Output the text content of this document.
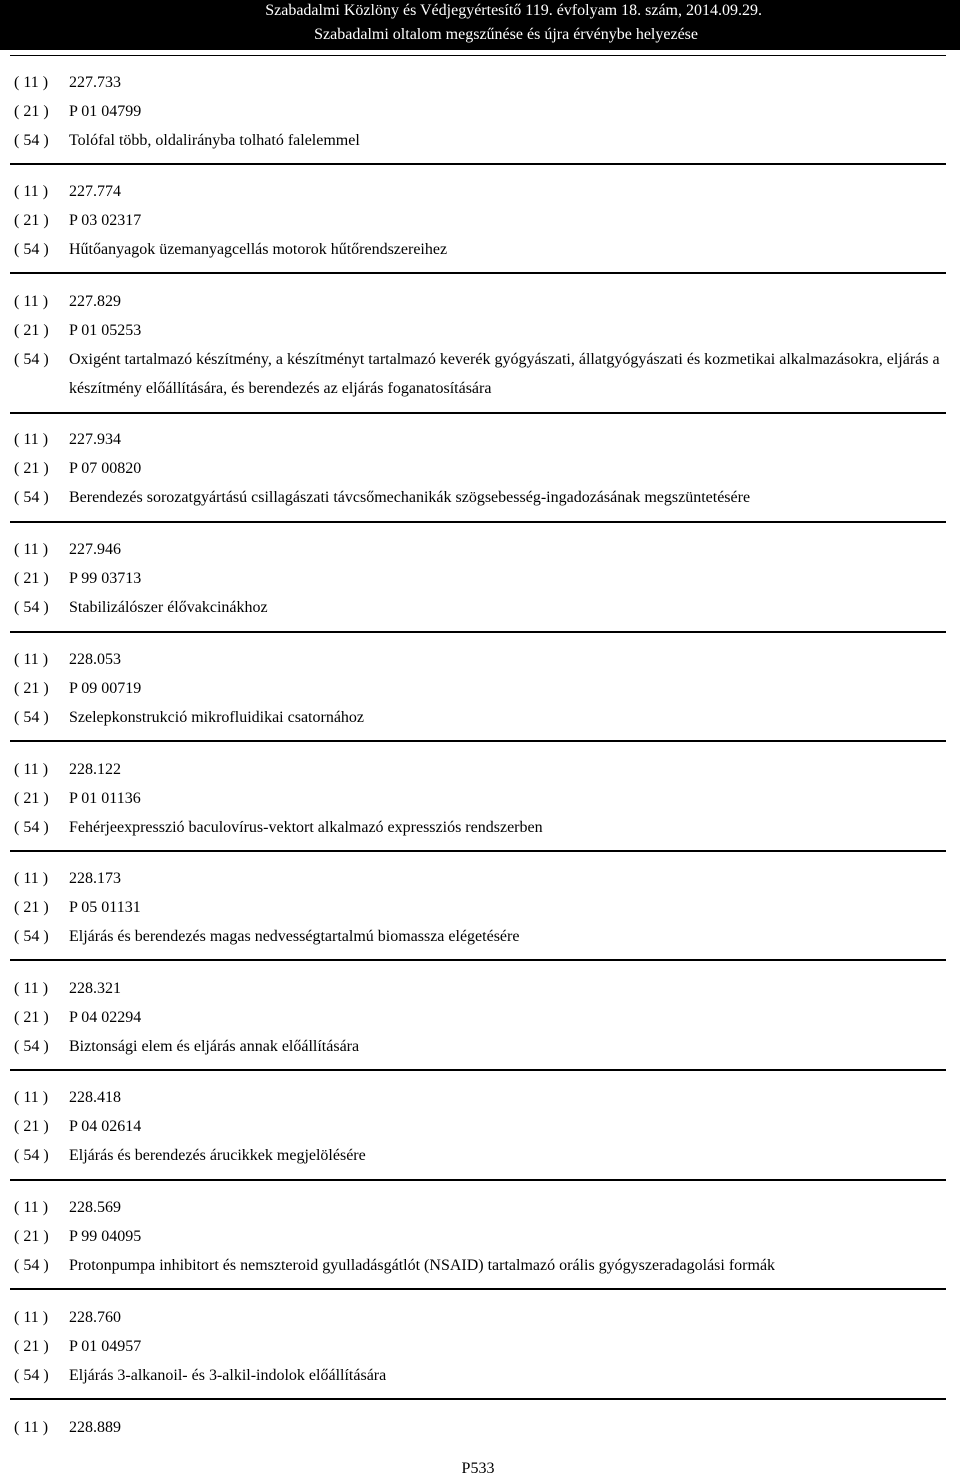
Szabadalmi Közlöny és Védjegyértesítő 119. évfolyam 18. szám, 2014.09.29.
Szabadalmi oltalom megszűnése és újra érvénybe helyezése
( 11 ) 227.733
( 21 ) P 01 04799
( 54 ) Tolófal több, oldalirányba tolható falelemmel
( 11 ) 227.774
( 21 ) P 03 02317
( 54 ) Hűtőanyagok üzemanyagcellás motorok hűtőrendszereihez
( 11 ) 227.829
( 21 ) P 01 05253
( 54 ) Oxigént tartalmazó készítmény, a készítményt tartalmazó keverék gyógyászati, állatgyógyászati és kozmetikai alkalmazásokra, eljárás a készítmény előállítására, és berendezés az eljárás foganatosítására
( 11 ) 227.934
( 21 ) P 07 00820
( 54 ) Berendezés sorozatgyártású csillagászati távcsőmechanikák szögsebesség-ingadozásának megszüntetésére
( 11 ) 227.946
( 21 ) P 99 03713
( 54 ) Stabilizálószer élővakcinákhoz
( 11 ) 228.053
( 21 ) P 09 00719
( 54 ) Szelepkonstrukció mikrofluidikai csatornához
( 11 ) 228.122
( 21 ) P 01 01136
( 54 ) Fehérjeexpresszió baculovírus-vektort alkalmazó expressziós rendszerben
( 11 ) 228.173
( 21 ) P 05 01131
( 54 ) Eljárás és berendezés magas nedvességtartalmú biomassza elégetésére
( 11 ) 228.321
( 21 ) P 04 02294
( 54 ) Biztonsági elem és eljárás annak előállítására
( 11 ) 228.418
( 21 ) P 04 02614
( 54 ) Eljárás és berendezés árucikkek megjelölésére
( 11 ) 228.569
( 21 ) P 99 04095
( 54 ) Protonpumpa inhibitort és nemszteroid gyulladásgátlót (NSAID) tartalmazó orális gyógyszeradagolási formák
( 11 ) 228.760
( 21 ) P 01 04957
( 54 ) Eljárás 3-alkanoil- és 3-alkil-indolok előállítására
( 11 ) 228.889
P533
